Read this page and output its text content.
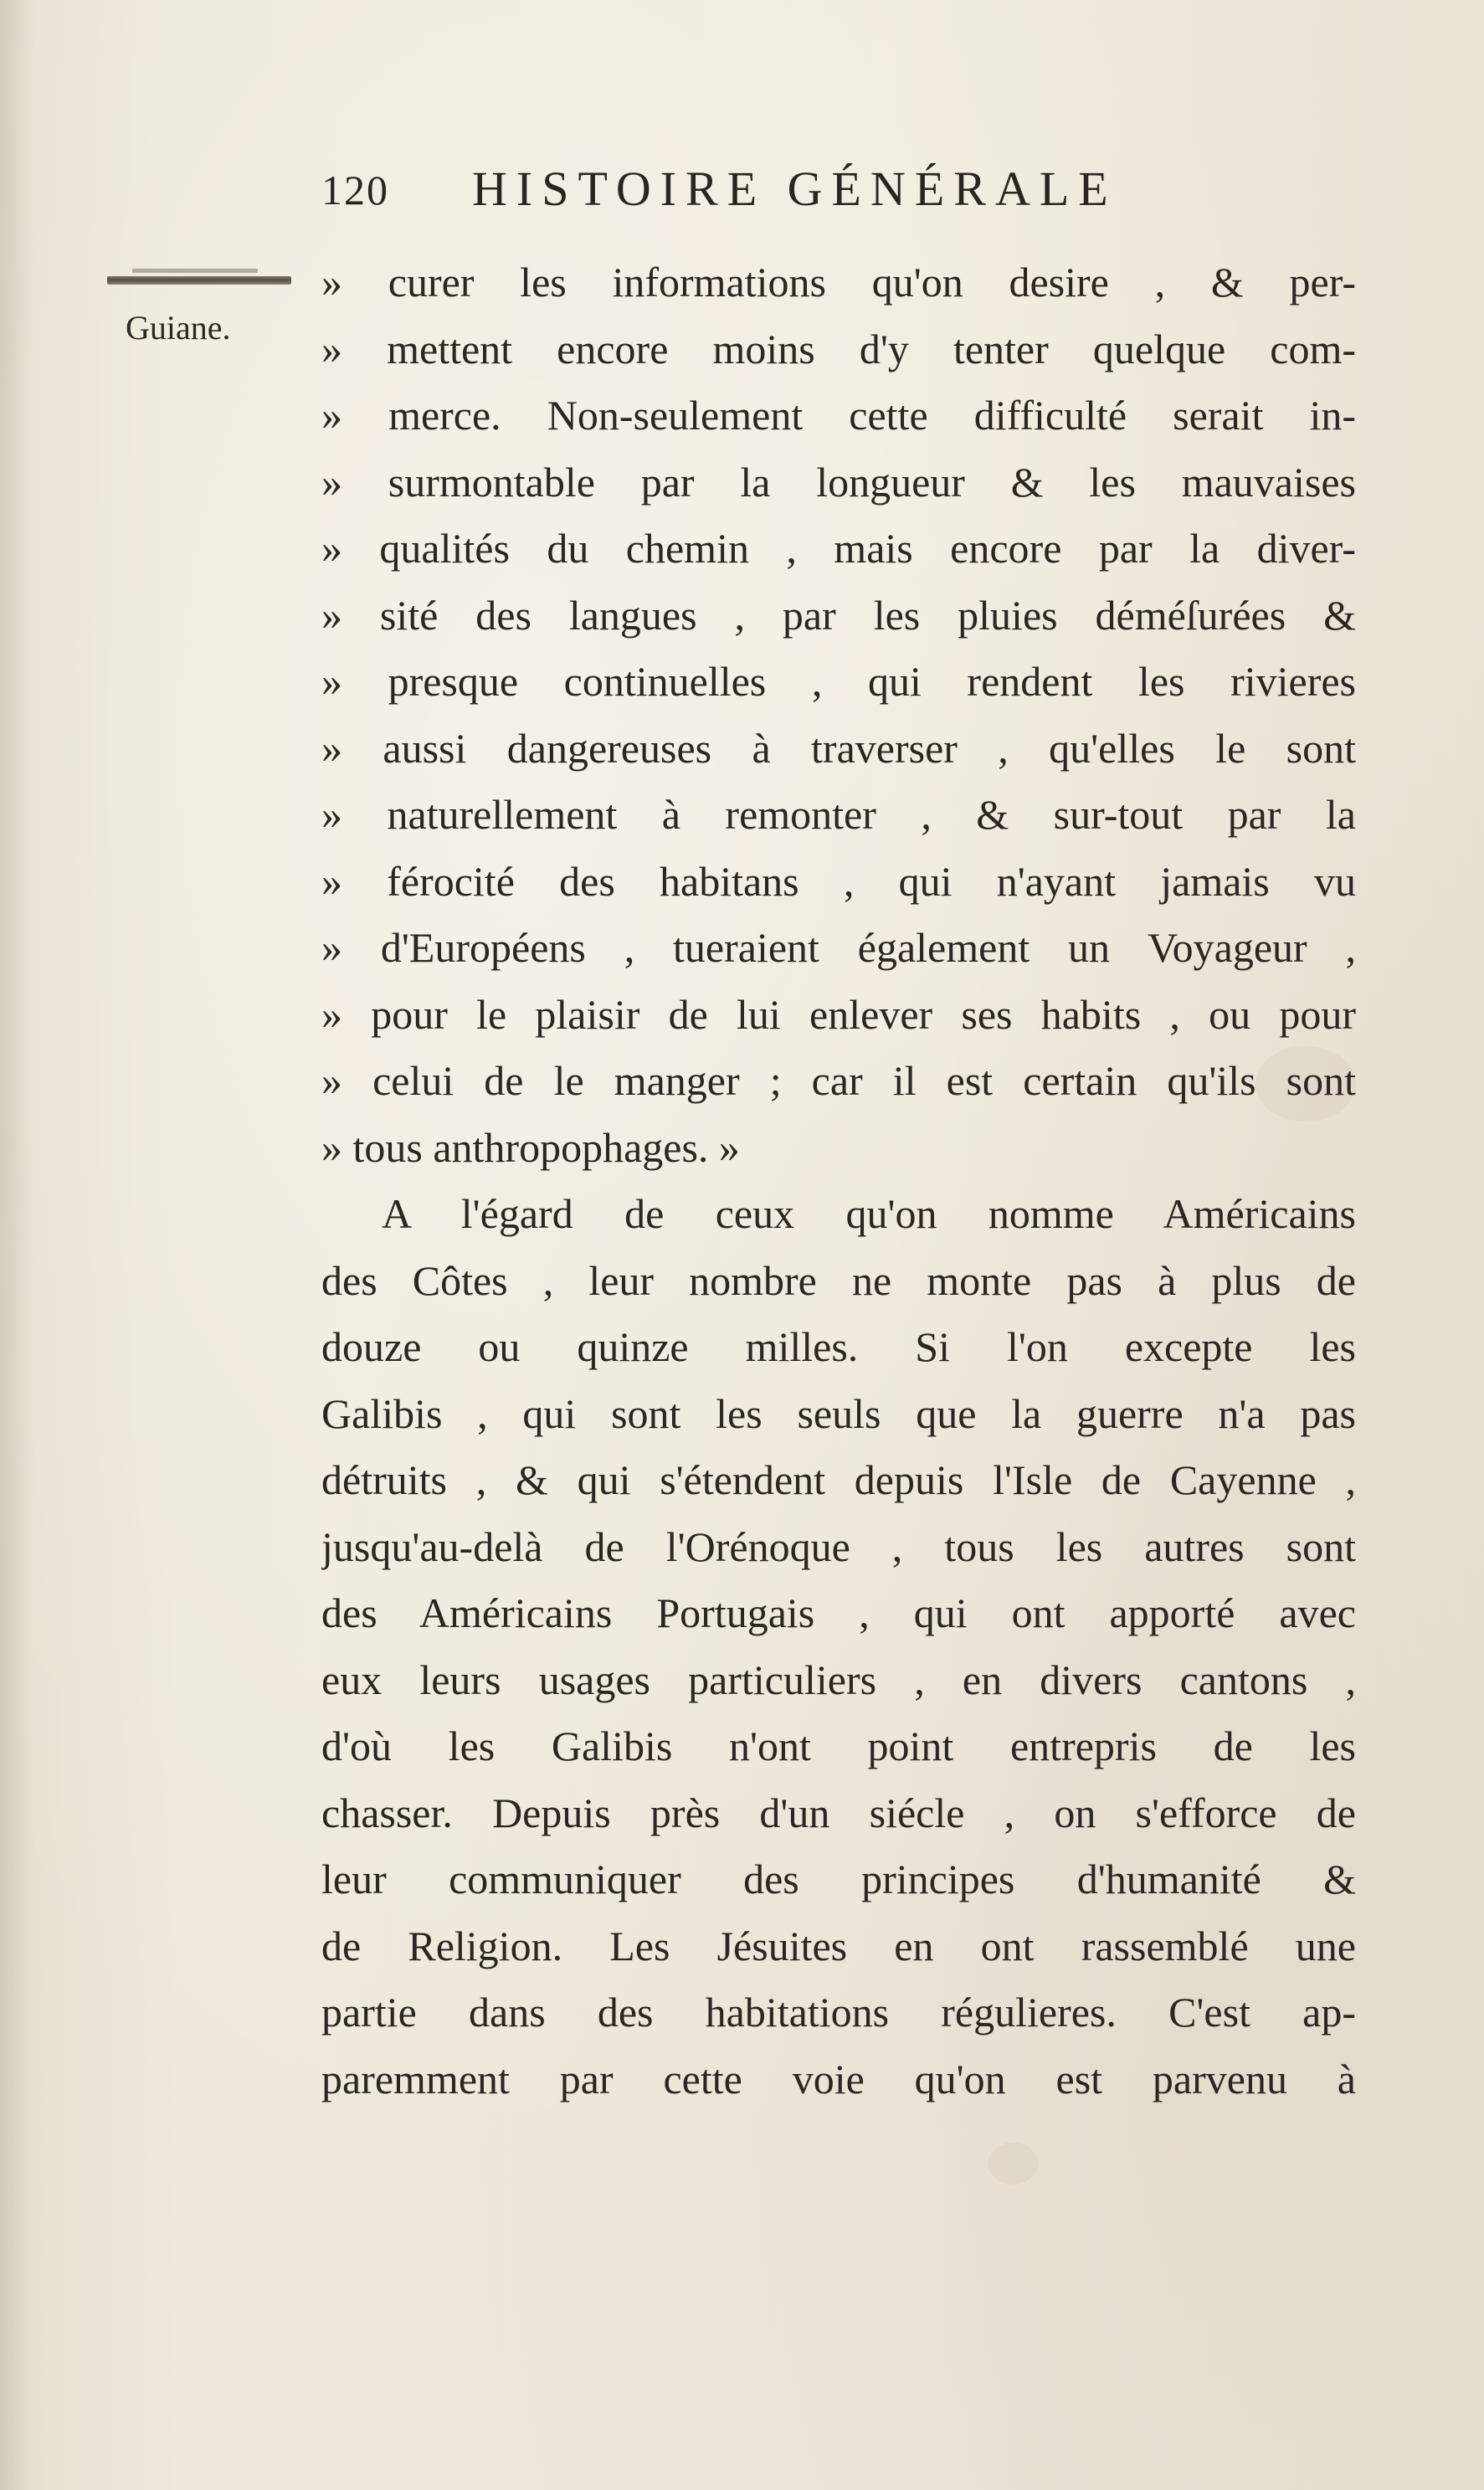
120 HISTOIRE GÉNÉRALE
Guiane.
» curer les informations qu'on desire , & per-
» mettent encore moins d'y tenter quelque com-
» merce. Non-seulement cette difficulté serait in-
» surmontable par la longueur & les mauvaises
» qualités du chemin , mais encore par la diver-
» sité des langues , par les pluies déméſurées &
» presque continuelles , qui rendent les rivieres
» aussi dangereuses à traverser , qu'elles le sont
» naturellement à remonter , & sur-tout par la
» férocité des habitans , qui n'ayant jamais vu
» d'Européens , tueraient également un Voyageur ,
» pour le plaisir de lui enlever ses habits , ou pour
» celui de le manger ; car il est certain qu'ils sont
» tous anthropophages. »
A l'égard de ceux qu'on nomme Américains
des Côtes , leur nombre ne monte pas à plus de
douze ou quinze milles. Si l'on excepte les
Galibis , qui sont les seuls que la guerre n'a pas
détruits , & qui s'étendent depuis l'Isle de Cayenne ,
jusqu'au-delà de l'Orénoque , tous les autres sont
des Américains Portugais , qui ont apporté avec
eux leurs usages particuliers , en divers cantons ,
d'où les Galibis n'ont point entrepris de les
chasser. Depuis près d'un siécle , on s'efforce de
leur communiquer des principes d'humanité &
de Religion. Les Jésuites en ont rassemblé une
partie dans des habitations régulieres. C'est ap-
paremment par cette voie qu'on est parvenu à
